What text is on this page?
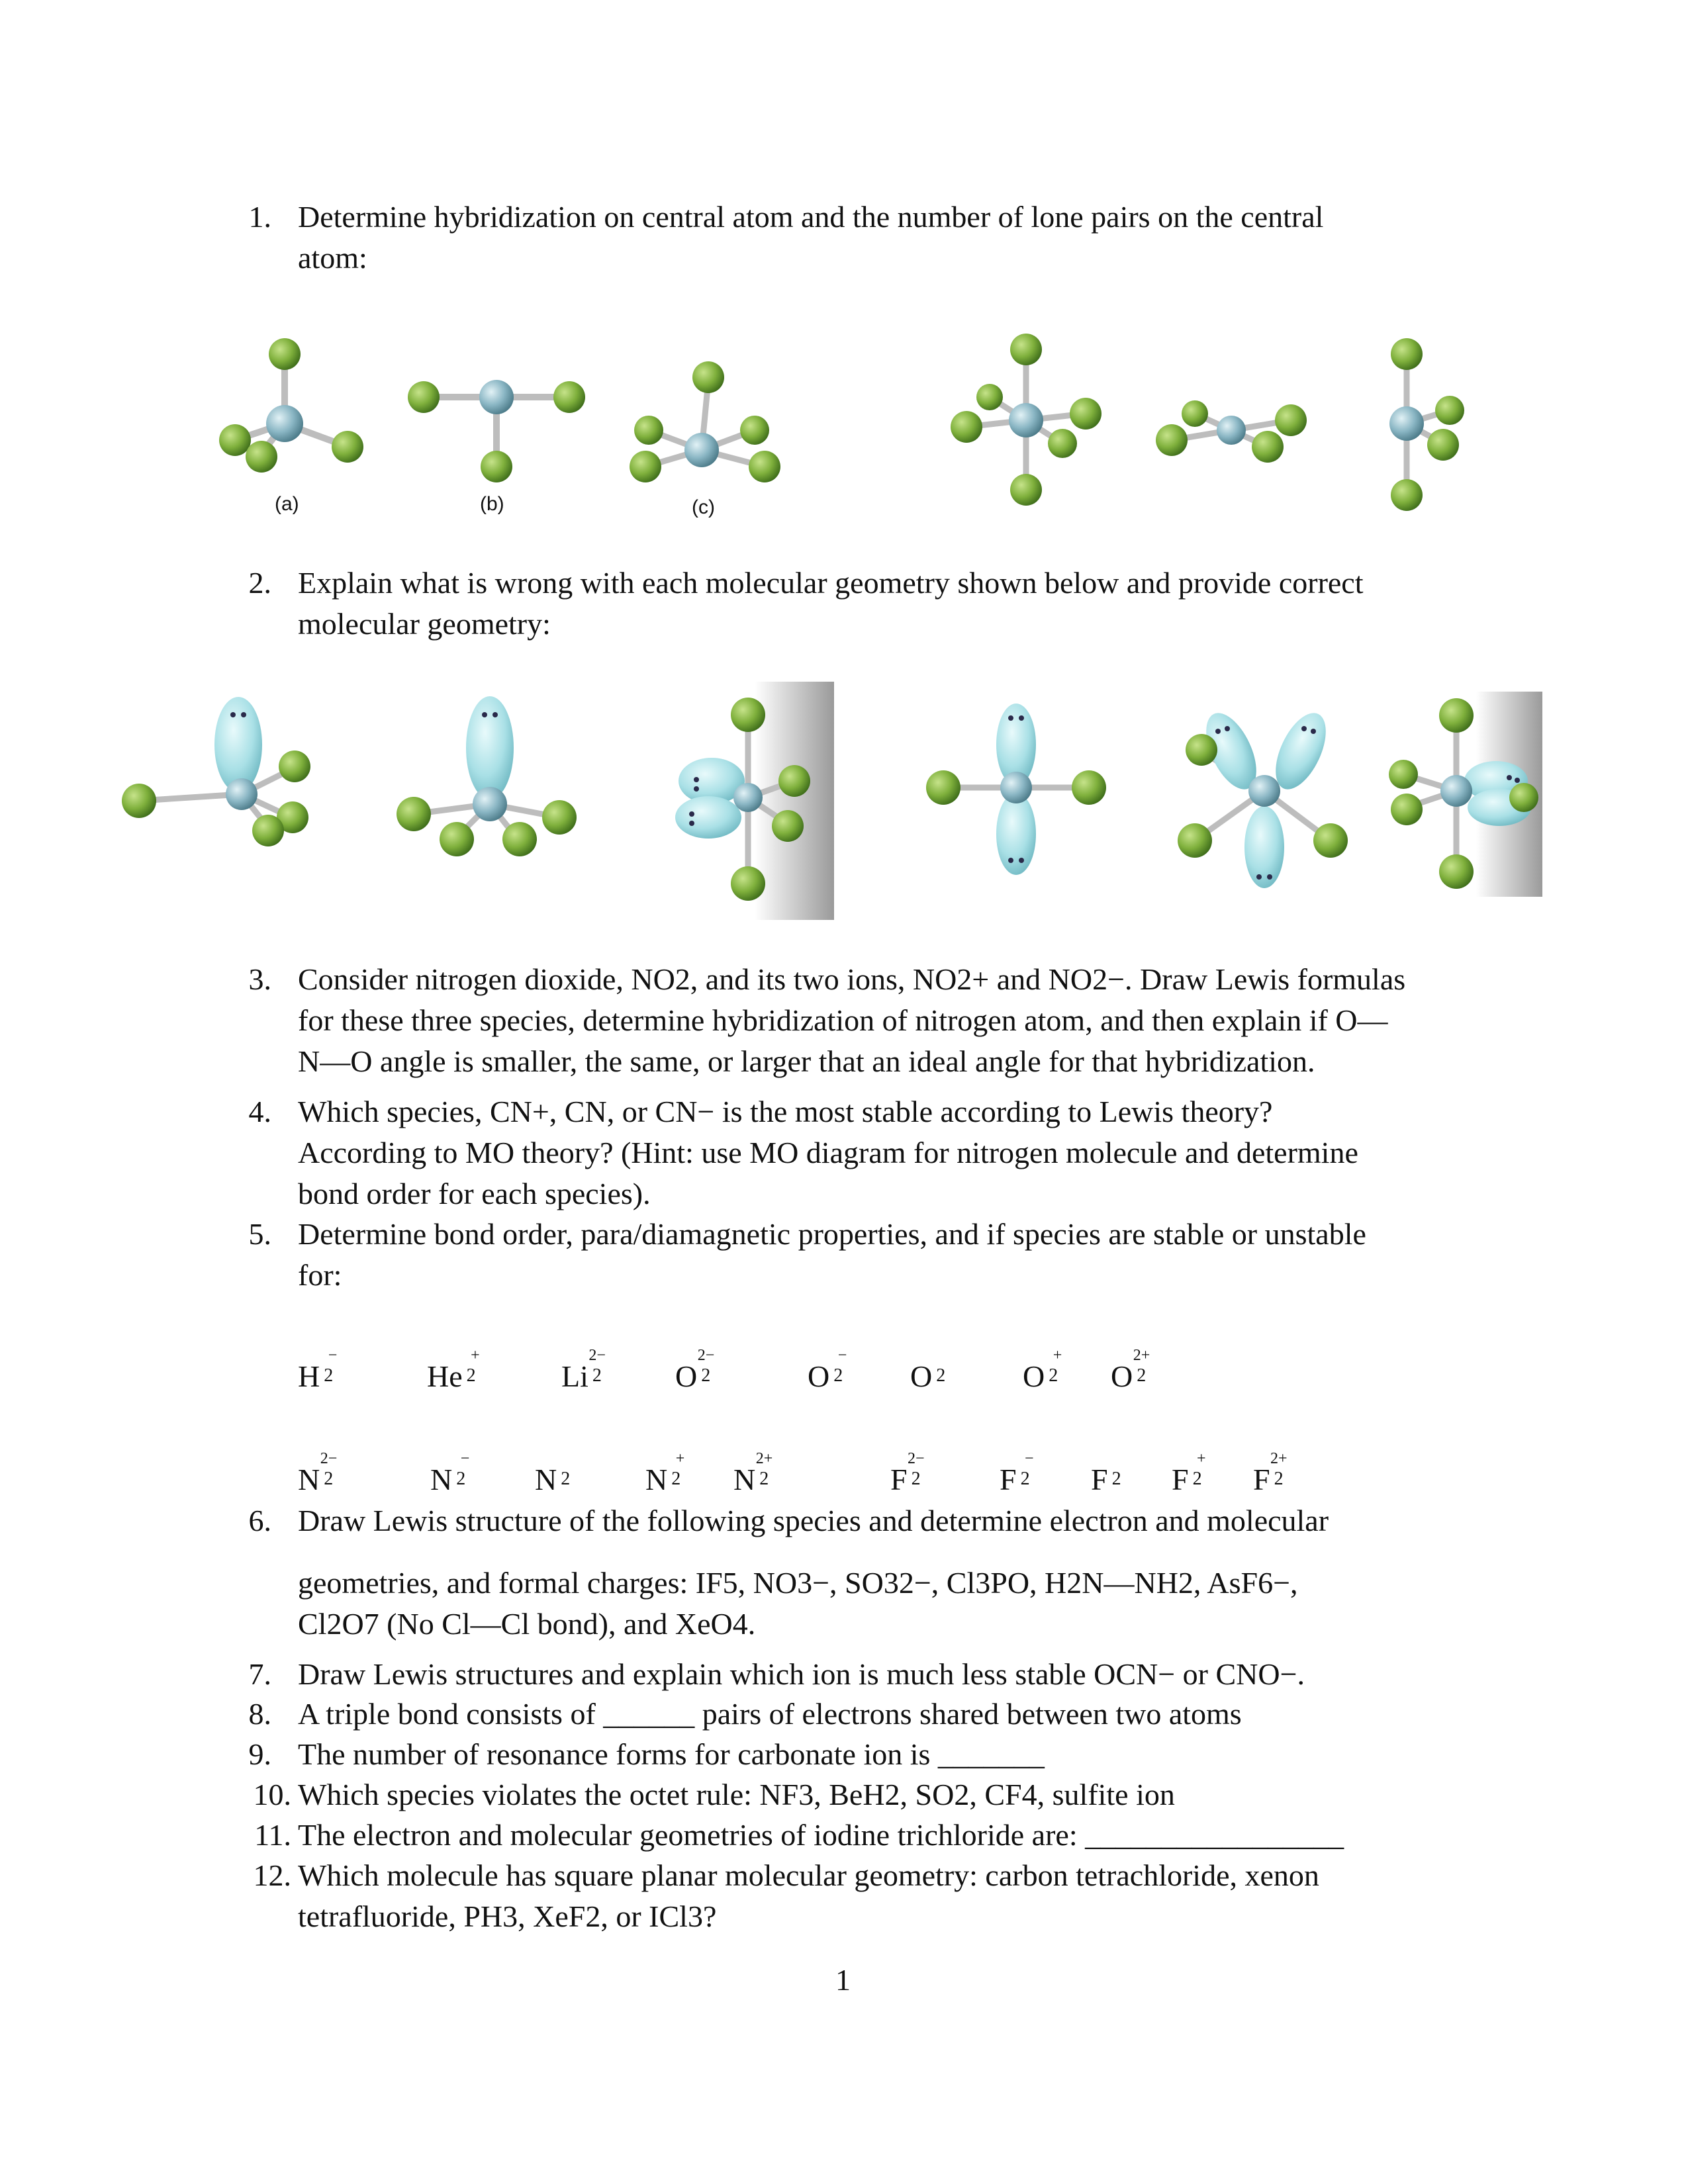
1. Determine hybridization on central atom and the number of lone pairs on the central
atom:
(a)	(b)	(c)
2. Explain what is wrong with each molecular geometry shown below and provide correct
molecular geometry:
3. Consider nitrogen dioxide, NO2, and its two ions, NO2+ and NO2−. Draw Lewis formulas
for these three species, determine hybridization of nitrogen atom, and then explain if O—
N—O angle is smaller, the same, or larger that an ideal angle for that hybridization.
4. Which species, CN+, CN, or CN− is the most stable according to Lewis theory?
According to MO theory? (Hint: use MO diagram for nitrogen molecule and determine
bond order for each species).
5. Determine bond order, para/diamagnetic properties, and if species are stable or unstable
for:
H 2
−
He 2
+
Li 2
2−
O 2
2−
O 2
−
O 2	O 2
+
O 2
2+
N 2
2−
N 2
−
N 2 N 2
+
N 2
2+
F 2
2−
F 2
−
F 2 F 2
+
F 2
2+
6. Draw Lewis structure of the following species and determine electron and molecular
geometries, and formal charges: IF5, NO3−, SO32−, Cl3PO, H2N—NH2, AsF6−,
Cl2O7 (No Cl—Cl bond), and XeO4.
7. Draw Lewis structures and explain which ion is much less stable OCN− or CNO−.
8. A triple bond consists of ______ pairs of electrons shared between two atoms
9. The number of resonance forms for carbonate ion is _______
10. Which species violates the octet rule: NF3, BeH2, SO2, CF4, sulfite ion
11. The electron and molecular geometries of iodine trichloride are: _________________
12. Which molecule has square planar molecular geometry: carbon tetrachloride, xenon
tetrafluoride, PH3, XeF2, or ICl3?
1
